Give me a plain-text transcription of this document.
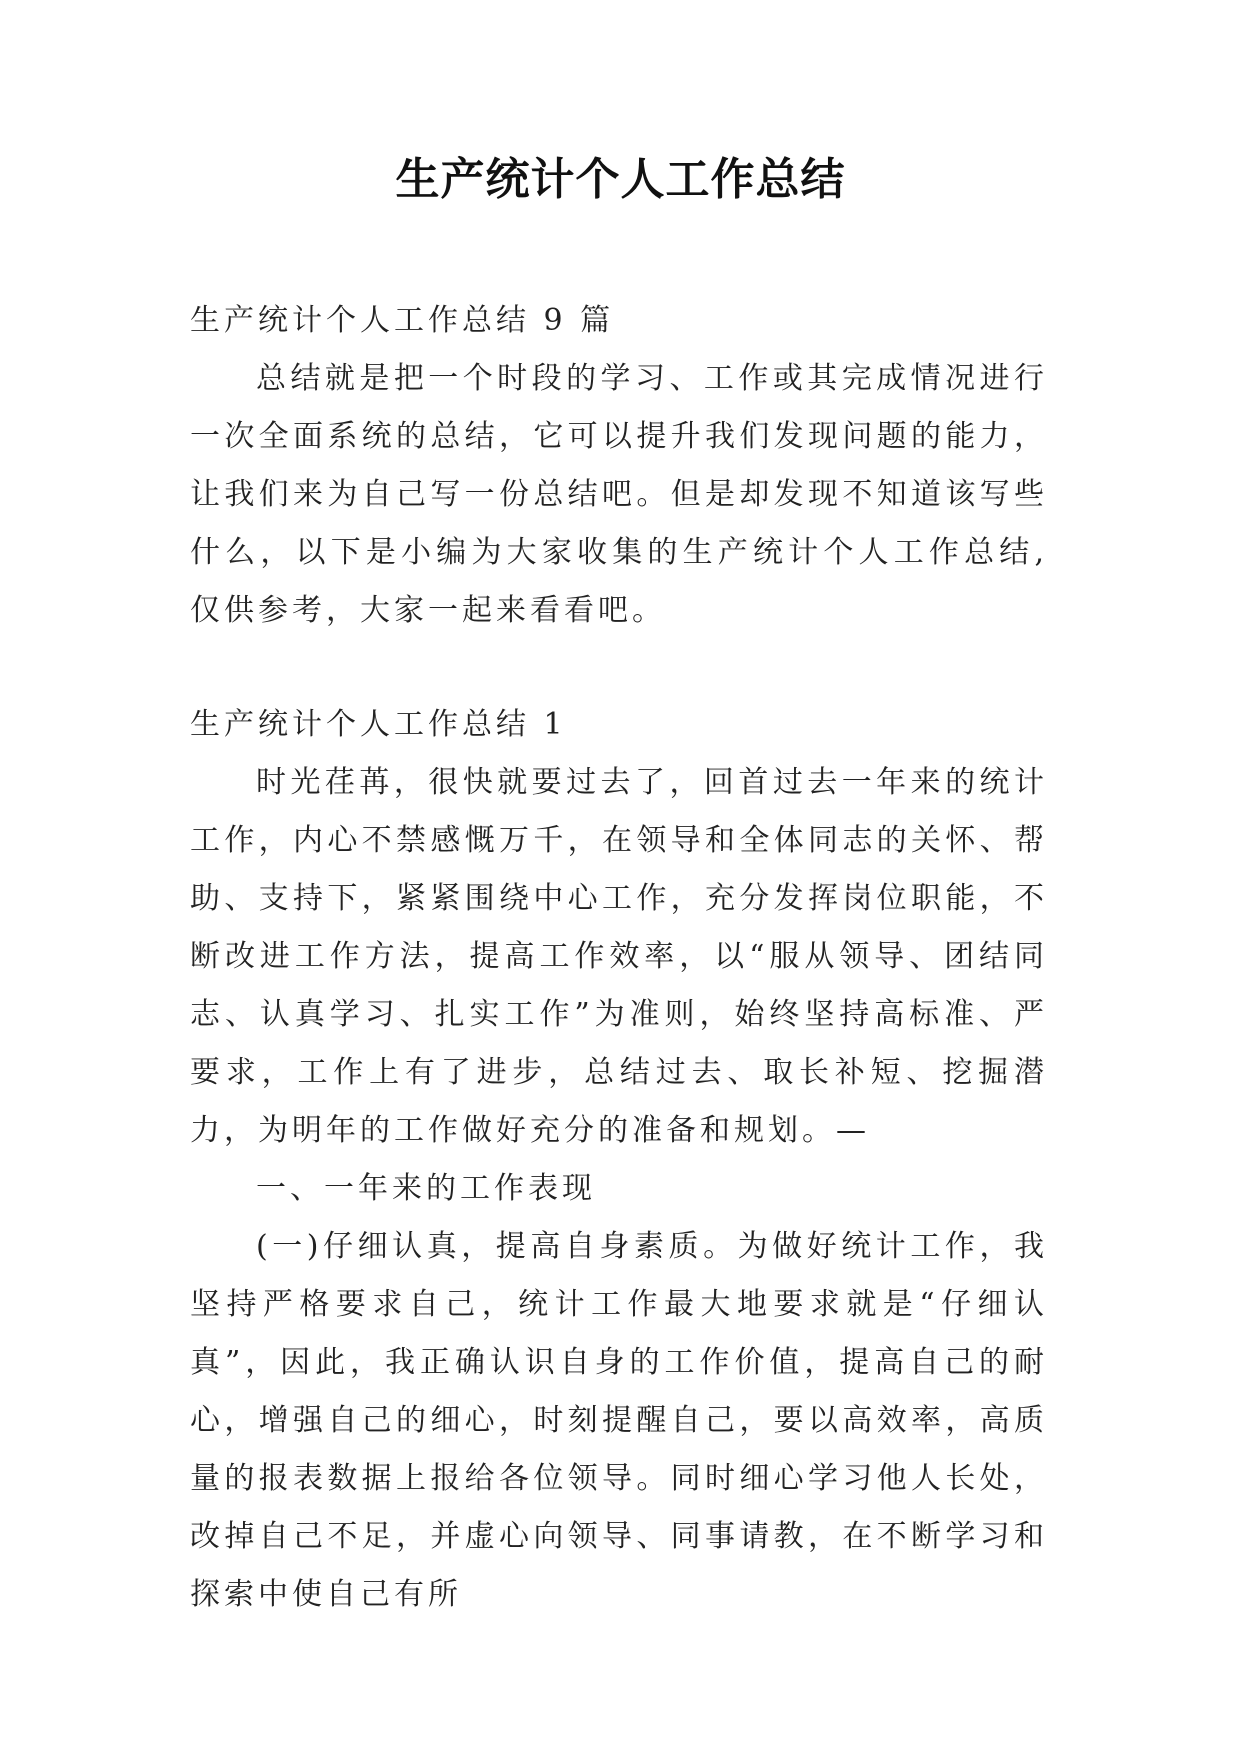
生产统计个人工作总结
生产统计个人工作总结 9 篇
总结就是把一个时段的学习、工作或其完成情况进行一次全面系统的总结，它可以提升我们发现问题的能力，让我们来为自己写一份总结吧。但是却发现不知道该写些什么，以下是小编为大家收集的生产统计个人工作总结,仅供参考，大家一起来看看吧。
生产统计个人工作总结 1

时光荏苒，很快就要过去了，回首过去一年来的统计工作，内心不禁感慨万千，在领导和全体同志的关怀、帮助、支持下，紧紧围绕中心工作，充分发挥岗位职能，不断改进工作方法，提高工作效率，以“服从领导、团结同志、认真学习、扎实工作”为准则，始终坚持高标准、严要求，工作上有了进步，总结过去、取长补短、挖掘潜力，为明年的工作做好充分的准备和规划。—

一、一年来的工作表现

(一)仔细认真，提高自身素质。为做好统计工作，我坚持严格要求自己，统计工作最大地要求就是“仔细认真”，因此，我正确认识自身的工作价值，提高自己的耐心，增强自己的细心，时刻提醒自己，要以高效率，高质量的报表数据上报给各位领导。同时细心学习他人长处，改掉自己不足，并虚心向领导、同事请教，在不断学习和探索中使自己有所
